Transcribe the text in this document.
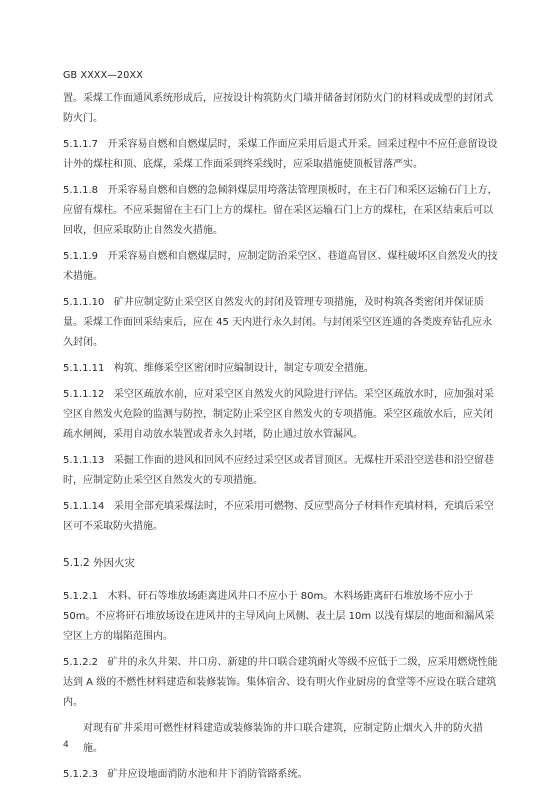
GB XXXX—20XX

置。采煤工作面通风系统形成后，应按设计构筑防火门墙并储备封闭防火门的材料或成型的封闭式防火门。

5.1.1.7 开采容易自燃和自燃煤层时，采煤工作面应采用后退式开采。回采过程中不应任意留设设计外的煤柱和顶、底煤，采煤工作面采到终采线时，应采取措施使顶板冒落严实。

5.1.1.8 开采容易自燃和自燃的急倾斜煤层用垮落法管理顶板时，在主石门和采区运输石门上方，应留有煤柱。不应采掘留在主石门上方的煤柱。留在采区运输石门上方的煤柱，在采区结束后可以回收，但应采取防止自然发火措施。

5.1.1.9 开采容易自燃和自燃煤层时，应制定防治采空区、巷道高冒区、煤柱破坏区自然发火的技术措施。

5.1.1.10 矿井应制定防止采空区自然发火的封闭及管理专项措施，及时构筑各类密闭并保证质量。采煤工作面回采结束后，应在 45 天内进行永久封闭。与封闭采空区连通的各类废弃钻孔应永久封闭。

5.1.1.11 构筑、维修采空区密闭时应编制设计，制定专项安全措施。

5.1.1.12 采空区疏放水前，应对采空区自然发火的风险进行评估。采空区疏放水时，应加强对采空区自然发火危险的监测与防控，制定防止采空区自然发火的专项措施。采空区疏放水后，应关闭疏水闸阀，采用自动放水装置或者永久封堵，防止通过放水管漏风。

5.1.1.13 采掘工作面的进风和回风不应经过采空区或者冒顶区。无煤柱开采沿空送巷和沿空留巷时，应制定防止采空区自然发火的专项措施。

5.1.1.14 采用全部充填采煤法时，不应采用可燃物、反应型高分子材料作充填材料，充填后采空区可不采取防火措施。

5.1.2 外因火灾

5.1.2.1 木料、矸石等堆放场距离进风井口不应小于 80m。木料场距离矸石堆放场不应小于 50m。不应将矸石堆放场设在进风井的主导风向上风侧、表土层 10m 以浅有煤层的地面和漏风采空区上方的塌陷范围内。

5.1.2.2 矿井的永久井架、井口房、新建的井口联合建筑耐火等级不应低于二级，应采用燃烧性能达到 A 级的不燃性材料建造和装修装饰。集体宿舍、设有明火作业厨房的食堂等不应设在联合建筑内。

对现有矿井采用可燃性材料建造或装修装饰的井口联合建筑，应制定防止烟火入井的防火措施。

5.1.2.3 矿井应设地面消防水池和井下消防管路系统。

4
